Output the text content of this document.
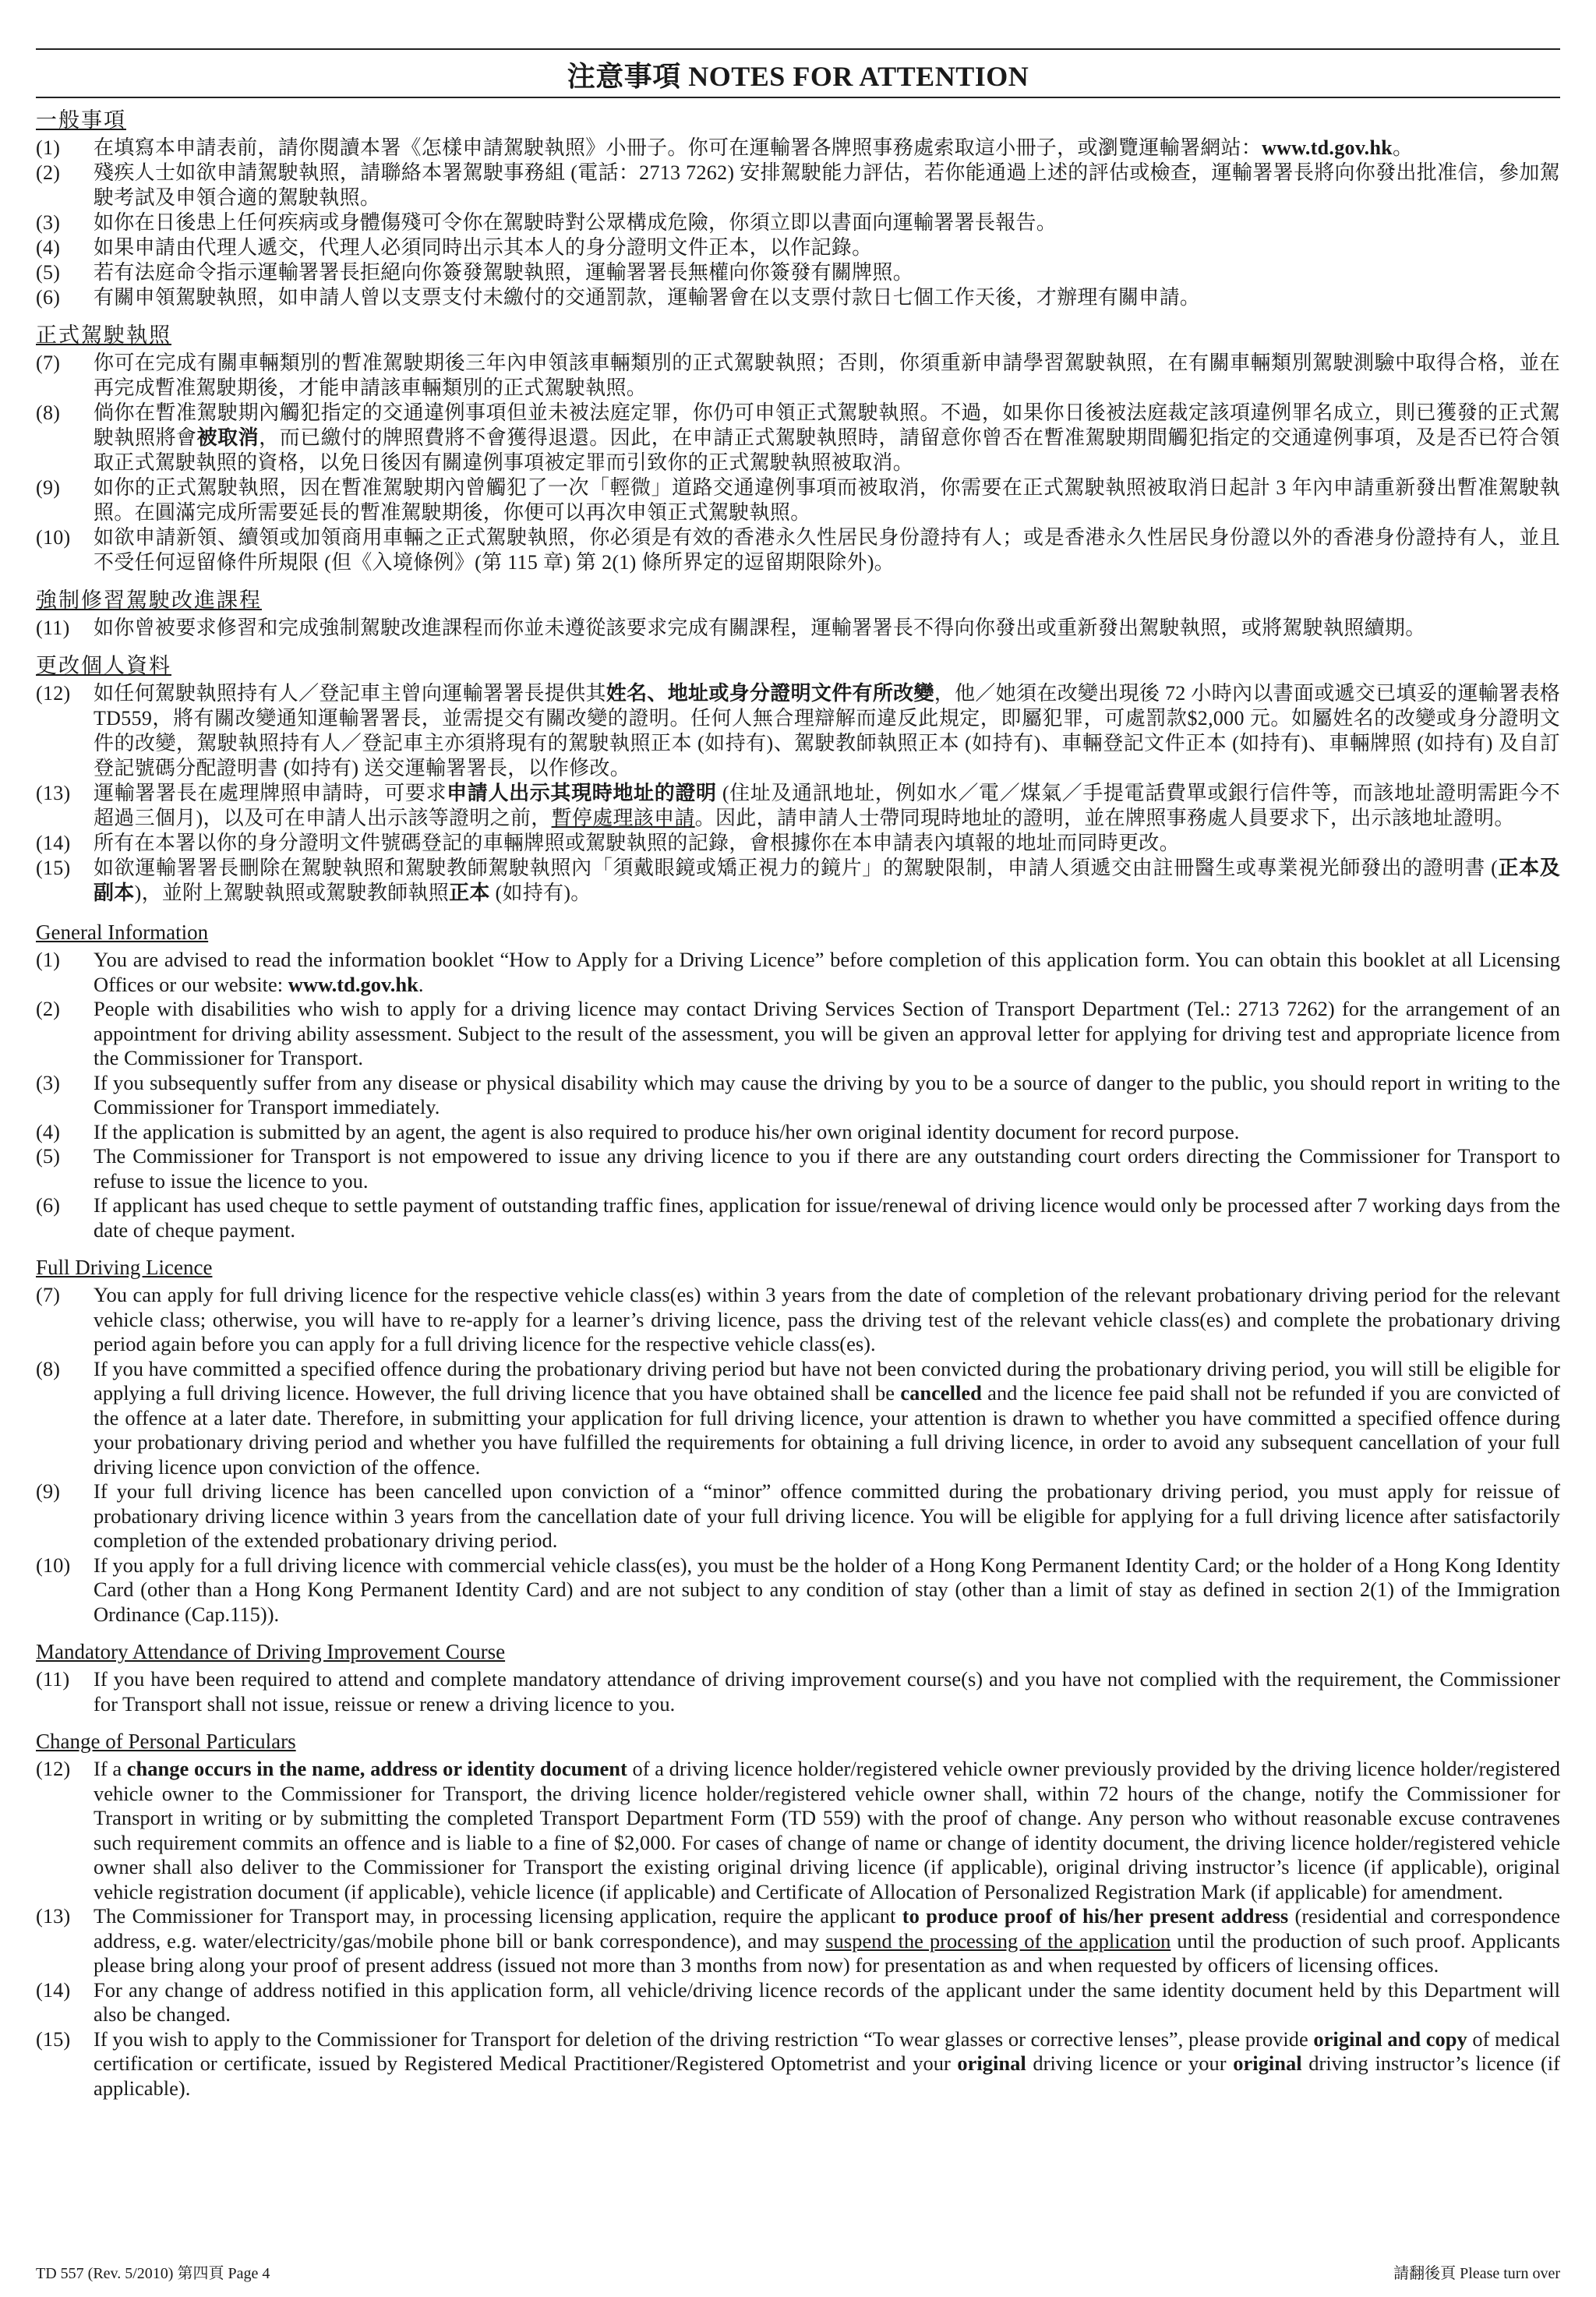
注意事項 NOTES FOR ATTENTION

一般事項

(1)	在填寫本申請表前，請你閱讀本署《怎樣申請駕駛執照》小冊子。你可在運輸署各牌照事務處索取這小冊子，或瀏覽運輸署網站：www.td.gov.hk。
(2)	殘疾人士如欲申請駕駛執照，請聯絡本署駕駛事務組 (電話：2713 7262) 安排駕駛能力評估，若你能通過上述的評估或檢查，運輸署署長將向你發出批准信，參加駕駛考試及申領合適的駕駛執照。
(3)	如你在日後患上任何疾病或身體傷殘可令你在駕駛時對公眾構成危險，你須立即以書面向運輸署署長報告。
(4)	如果申請由代理人遞交，代理人必須同時出示其本人的身分證明文件正本，以作記錄。
(5)	若有法庭命令指示運輸署署長拒絕向你簽發駕駛執照，運輸署署長無權向你簽發有關牌照。
(6)	有關申領駕駛執照，如申請人曾以支票支付未繳付的交通罰款，運輸署會在以支票付款日七個工作天後，才辦理有關申請。

正式駕駛執照

(7)	你可在完成有關車輛類別的暫准駕駛期後三年內申領該車輛類別的正式駕駛執照；否則，你須重新申請學習駕駛執照，在有關車輛類別駕駛測驗中取得合格，並在再完成暫准駕駛期後，才能申請該車輛類別的正式駕駛執照。
(8)	倘你在暫准駕駛期內觸犯指定的交通違例事項但並未被法庭定罪，你仍可申領正式駕駛執照。不過，如果你日後被法庭裁定該項違例罪名成立，則已獲發的正式駕駛執照將會被取消，而已繳付的牌照費將不會獲得退還。因此，在申請正式駕駛執照時，請留意你曾否在暫准駕駛期間觸犯指定的交通違例事項，及是否已符合領取正式駕駛執照的資格，以免日後因有關違例事項被定罪而引致你的正式駕駛執照被取消。
(9)	如你的正式駕駛執照，因在暫准駕駛期內曾觸犯了一次「輕微」道路交通違例事項而被取消，你需要在正式駕駛執照被取消日起計 3 年內申請重新發出暫准駕駛執照。在圓滿完成所需要延長的暫准駕駛期後，你便可以再次申領正式駕駛執照。
(10)	如欲申請新領、續領或加領商用車輛之正式駕駛執照，你必須是有效的香港永久性居民身份證持有人；或是香港永久性居民身份證以外的香港身份證持有人，並且不受任何逗留條件所規限 (但《入境條例》(第 115 章) 第 2(1) 條所界定的逗留期限除外)。

強制修習駕駛改進課程

(11)	如你曾被要求修習和完成強制駕駛改進課程而你並未遵從該要求完成有關課程，運輸署署長不得向你發出或重新發出駕駛執照，或將駕駛執照續期。

更改個人資料

(12)	如任何駕駛執照持有人／登記車主曾向運輸署署長提供其姓名、地址或身分證明文件有所改變，他／她須在改變出現後 72 小時內以書面或遞交已填妥的運輸署表格TD559，將有關改變通知運輸署署長，並需提交有關改變的證明。任何人無合理辯解而違反此規定，即屬犯罪，可處罰款$2,000 元。如屬姓名的改變或身分證明文件的改變，駕駛執照持有人／登記車主亦須將現有的駕駛執照正本 (如持有)、駕駛教師執照正本 (如持有)、車輛登記文件正本 (如持有)、車輛牌照 (如持有) 及自訂登記號碼分配證明書 (如持有) 送交運輸署署長，以作修改。
(13)	運輸署署長在處理牌照申請時，可要求申請人出示其現時地址的證明 (住址及通訊地址，例如水／電／煤氣／手提電話費單或銀行信件等，而該地址證明需距今不超過三個月)，以及可在申請人出示該等證明之前，暫停處理該申請。因此，請申請人士帶同現時地址的證明，並在牌照事務處人員要求下，出示該地址證明。
(14)	所有在本署以你的身分證明文件號碼登記的車輛牌照或駕駛執照的記錄，會根據你在本申請表內填報的地址而同時更改。
(15)	如欲運輸署署長刪除在駕駛執照和駕駛教師駕駛執照內「須戴眼鏡或矯正視力的鏡片」的駕駛限制，申請人須遞交由註冊醫生或專業視光師發出的證明書 (正本及副本)，並附上駕駛執照或駕駛教師執照正本 (如持有)。

General Information

(1)	You are advised to read the information booklet “How to Apply for a Driving Licence” before completion of this application form. You can obtain this booklet at all Licensing Offices or our website: www.td.gov.hk.
(2)	People with disabilities who wish to apply for a driving licence may contact Driving Services Section of Transport Department (Tel.: 2713 7262) for the arrangement of an appointment for driving ability assessment. Subject to the result of the assessment, you will be given an approval letter for applying for driving test and appropriate licence from the Commissioner for Transport.
(3)	If you subsequently suffer from any disease or physical disability which may cause the driving by you to be a source of danger to the public, you should report in writing to the Commissioner for Transport immediately.
(4)	If the application is submitted by an agent, the agent is also required to produce his/her own original identity document for record purpose.
(5)	The Commissioner for Transport is not empowered to issue any driving licence to you if there are any outstanding court orders directing the Commissioner for Transport to refuse to issue the licence to you.
(6)	If applicant has used cheque to settle payment of outstanding traffic fines, application for issue/renewal of driving licence would only be processed after 7 working days from the date of cheque payment.

Full Driving Licence

(7)	You can apply for full driving licence for the respective vehicle class(es) within 3 years from the date of completion of the relevant probationary driving period for the relevant vehicle class; otherwise, you will have to re-apply for a learner’s driving licence, pass the driving test of the relevant vehicle class(es) and complete the probationary driving period again before you can apply for a full driving licence for the respective vehicle class(es).
(8)	If you have committed a specified offence during the probationary driving period but have not been convicted during the probationary driving period, you will still be eligible for applying a full driving licence. However, the full driving licence that you have obtained shall be cancelled and the licence fee paid shall not be refunded if you are convicted of the offence at a later date. Therefore, in submitting your application for full driving licence, your attention is drawn to whether you have committed a specified offence during your probationary driving period and whether you have fulfilled the requirements for obtaining a full driving licence, in order to avoid any subsequent cancellation of your full driving licence upon conviction of the offence.
(9)	If your full driving licence has been cancelled upon conviction of a “minor” offence committed during the probationary driving period, you must apply for reissue of probationary driving licence within 3 years from the cancellation date of your full driving licence. You will be eligible for applying for a full driving licence after satisfactorily completion of the extended probationary driving period.
(10)	If you apply for a full driving licence with commercial vehicle class(es), you must be the holder of a Hong Kong Permanent Identity Card; or the holder of a Hong Kong Identity Card (other than a Hong Kong Permanent Identity Card) and are not subject to any condition of stay (other than a limit of stay as defined in section 2(1) of the Immigration Ordinance (Cap.115)).

Mandatory Attendance of Driving Improvement Course

(11)	If you have been required to attend and complete mandatory attendance of driving improvement course(s) and you have not complied with the requirement, the Commissioner for Transport shall not issue, reissue or renew a driving licence to you.

Change of Personal Particulars

(12)	If a change occurs in the name, address or identity document of a driving licence holder/registered vehicle owner previously provided by the driving licence holder/registered vehicle owner to the Commissioner for Transport, the driving licence holder/registered vehicle owner shall, within 72 hours of the change, notify the Commissioner for Transport in writing or by submitting the completed Transport Department Form (TD 559) with the proof of change. Any person who without reasonable excuse contravenes such requirement commits an offence and is liable to a fine of $2,000. For cases of change of name or change of identity document, the driving licence holder/registered vehicle owner shall also deliver to the Commissioner for Transport the existing original driving licence (if applicable), original driving instructor’s licence (if applicable), original vehicle registration document (if applicable), vehicle licence (if applicable) and Certificate of Allocation of Personalized Registration Mark (if applicable) for amendment.
(13)	The Commissioner for Transport may, in processing licensing application, require the applicant to produce proof of his/her present address (residential and correspondence address, e.g. water/electricity/gas/mobile phone bill or bank correspondence), and may suspend the processing of the application until the production of such proof. Applicants please bring along your proof of present address (issued not more than 3 months from now) for presentation as and when requested by officers of licensing offices.
(14)	For any change of address notified in this application form, all vehicle/driving licence records of the applicant under the same identity document held by this Department will also be changed.
(15)	If you wish to apply to the Commissioner for Transport for deletion of the driving restriction “To wear glasses or corrective lenses”, please provide original and copy of medical certification or certificate, issued by Registered Medical Practitioner/Registered Optometrist and your original driving licence or your original driving instructor’s licence (if applicable).
TD 557 (Rev. 5/2010) 第四頁 Page 4	請翻後頁 Please turn over
